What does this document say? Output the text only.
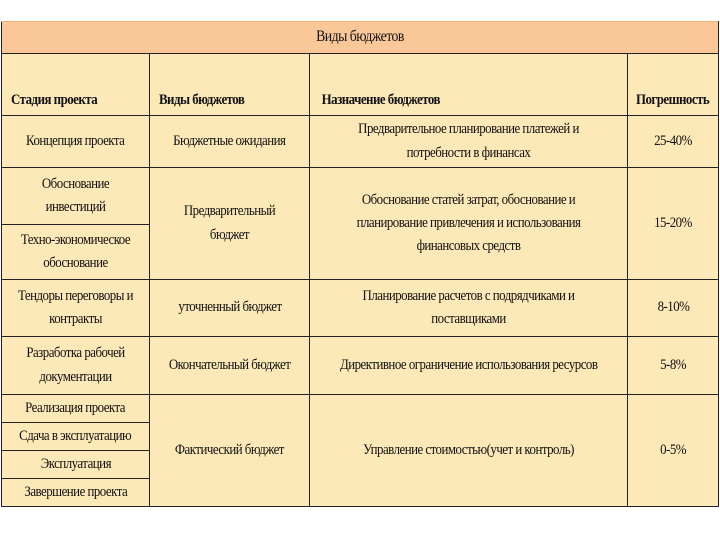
Виды бюджетов			
Стадия проекта	Виды бюджетов	Назначение бюджетов	Погрешность
Концепция проекта	Бюджетные ожидания	Предварительное планирование платежей и потребности в финансах	25-40%
Обоснование инвестиций	Предварительный бюджет	Обоснование статей затрат, обоснование и планирование привлечения и использования финансовых средств	15-20%
Техно-экономическое обоснование			
Тендоры переговоры и контракты	уточненный бюджет	Планирование расчетов с подрядчиками и поставщиками	8-10%
Разработка рабочей документации	Окончательный бюджет	Директивное ограничение использования ресурсов	5-8%
Реализация проекта	Фактический бюджет	Управление стоимостью(учет и контроль)	0-5%
Сдача в эксплуатацию			
Эксплуатация			
Завершение проекта			
